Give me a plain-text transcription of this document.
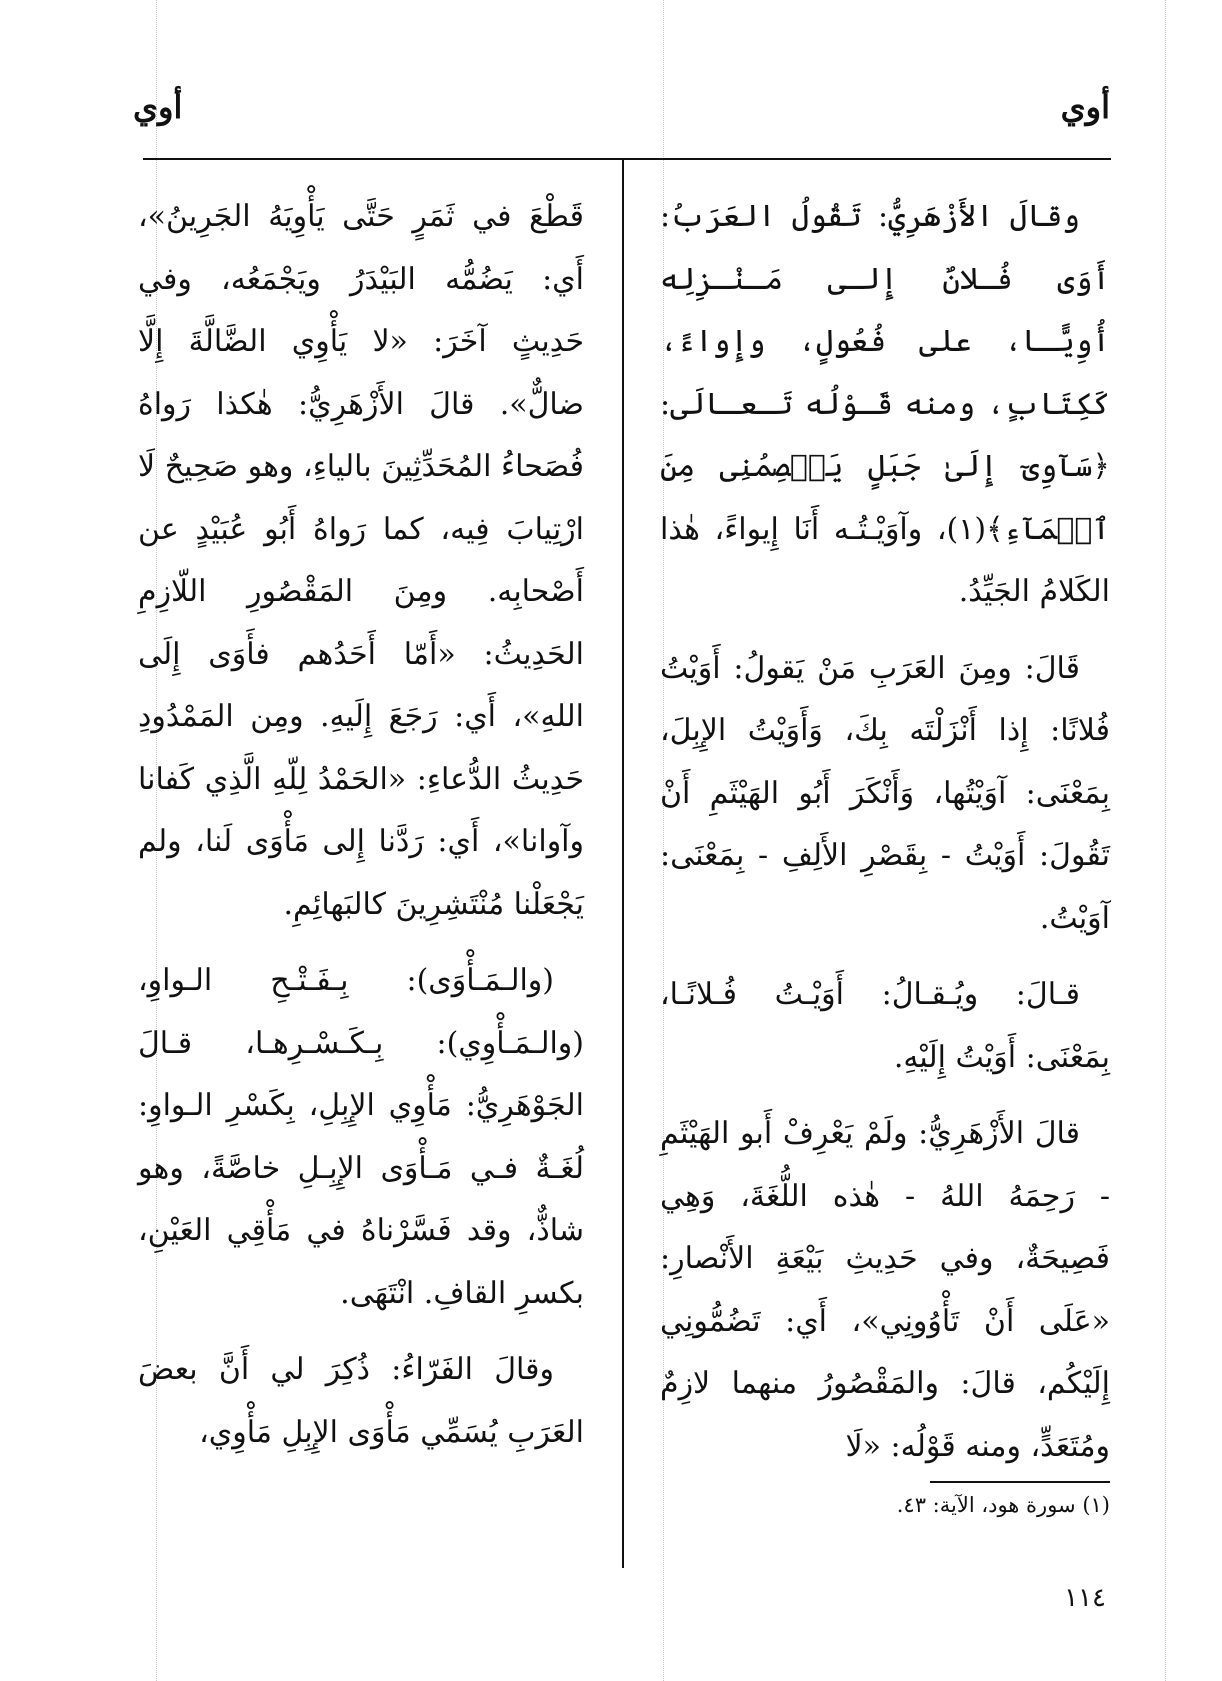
أوي
أوي

وقالَ الأَزْهَرِيُّ: تَقُولُ العَرَبُ: أَوَى فُـلانٌ إِلـى مَـنْـزِلِه أُوِيًّـا، على فُعُولٍ، وإِواءً، كَكِتَابٍ، ومنه قَـوْلُه تَـعـالَى: ﴿سَآوِىٓ إِلَىٰ جَبَلٍ يَعۡصِمُنِى مِنَ ٱلۡمَآءِ﴾(١)، وآوَيْـتُـه أَنَا إِيواءً، هٰذا الكَلامُ الجَيِّدُ.

قَالَ: ومِنَ العَرَبِ مَنْ يَقولُ: أَوَيْتُ فُلانًا: إِذا أَنْزَلْتَه بِكَ، وَأَوَيْتُ الإِبِلَ، بِمَعْنَى: آوَيْتُها، وَأَنْكَرَ أَبُو الهَيْثَمِ أَنْ تَقُولَ: أَوَيْتُ - بِقَصْرِ الأَلِفِ - بِمَعْنَى: آوَيْتُ.

قـالَ: ويُـقـالُ: أَوَيْـتُ فُـلانًـا، بِمَعْنَى: أَوَيْتُ إِلَيْهِ.

قالَ الأَزْهَرِيُّ: ولَمْ يَعْرِفْ أَبو الهَيْثَمِ - رَحِمَهُ اللهُ - هٰذه اللُّغَةَ، وَهِي فَصِيحَةٌ، وفي حَدِيثِ بَيْعَةِ الأَنْصارِ: «عَلَى أَنْ تَأْوُونِي»، أَي: تَضُمُّونِي إِلَيْكُم، قالَ: والمَقْصُورُ منهما لازِمٌ ومُتَعَدٍّ، ومنه قَوْلُه: «لَا

قَطْعَ في ثَمَرٍ حَتَّى يَأْوِيَهُ الجَرِينُ»، أَي: يَضُمُّه البَيْدَرُ ويَجْمَعُه، وفي حَدِيثٍ آخَرَ: «لا يَأْوِي الضَّالَّةَ إِلَّا ضالٌّ». قالَ الأَزْهَرِيُّ: هٰكذا رَواهُ فُصَحاءُ المُحَدِّثِينَ بالياءِ، وهو صَحِيحٌ لَا ارْتِيابَ فِيه، كما رَواهُ أَبُو عُبَيْدٍ عن أَصْحابِه. ومِنَ المَقْصُورِ اللّازِمِ الحَدِيثُ: «أَمّا أَحَدُهم فأَوَى إِلَى اللهِ»، أَي: رَجَعَ إِلَيهِ. ومِن المَمْدُودِ حَدِيثُ الدُّعاءِ: «الحَمْدُ لِلّهِ الَّذِي كَفانا وآوانا»، أَي: رَدَّنا إِلى مَأْوَى لَنا، ولم يَجْعَلْنا مُنْتَشِرِينَ كالبَهائِمِ.

(والـمَـأْوَى): بِـفَـتْـحِ الـواوِ، (والـمَـأْوِي): بِـكَـسْـرِهـا، قـالَ الجَوْهَرِيُّ: مَأْوِي الإِبِلِ، بِكَسْرِ الـواوِ: لُغَـةٌ فـي مَـأْوَى الإِبِـلِ خاصَّةً، وهو شاذٌّ، وقد فَسَّرْناهُ في مَأْقِي العَيْنِ، بكسرِ القافِ. انْتَهَى.

وقالَ الفَرّاءُ: ذُكِرَ لي أَنَّ بعضَ العَرَبِ يُسَمِّي مَأْوَى الإِبِلِ مَأْوِي،

(١) سورة هود، الآية: ٤٣.
١١٤
